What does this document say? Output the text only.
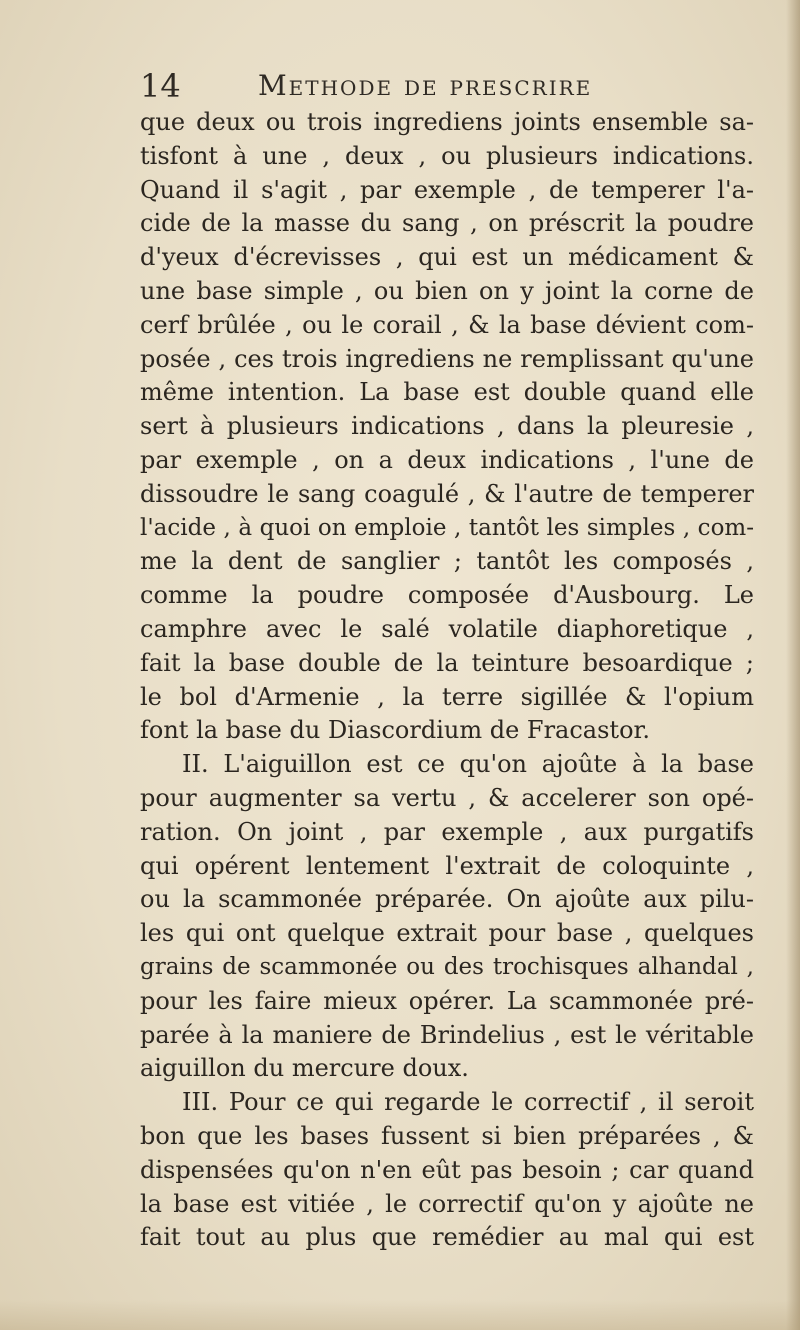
14	Methode de prescrire
que deux ou trois ingrediens joints ensemble sa-
tisfont à une , deux , ou plusieurs indications.
Quand il s'agit , par exemple , de temperer l'a-
cide de la masse du sang , on préscrit la poudre
d'yeux d'écrevisses , qui est un médicament &
une base simple , ou bien on y joint la corne de
cerf brûlée , ou le corail , & la base dévient com-
posée , ces trois ingrediens ne remplissant qu'une
même intention. La base est double quand elle
sert à plusieurs indications , dans la pleuresie ,
par exemple , on a deux indications , l'une de
dissoudre le sang coagulé , & l'autre de temperer
l'acide , à quoi on emploie , tantôt les simples , com-
me la dent de sanglier ; tantôt les composés ,
comme la poudre composée d'Ausbourg. Le
camphre avec le salé volatile diaphoretique ,
fait la base double de la teinture besoardique ;
le bol d'Armenie , la terre sigillée & l'opium
font la base du Diascordium de Fracastor.
II. L'aiguillon est ce qu'on ajoûte à la base
pour augmenter sa vertu , & accelerer son opé-
ration. On joint , par exemple , aux purgatifs
qui opérent lentement l'extrait de coloquinte ,
ou la scammonée préparée. On ajoûte aux pilu-
les qui ont quelque extrait pour base , quelques
grains de scammonée ou des trochisques alhandal ,
pour les faire mieux opérer. La scammonée pré-
parée à la maniere de Brindelius , est le véritable
aiguillon du mercure doux.
III. Pour ce qui regarde le correctif , il seroit
bon que les bases fussent si bien préparées , &
dispensées qu'on n'en eût pas besoin ; car quand
la base est vitiée , le correctif qu'on y ajoûte ne
fait tout au plus que remédier au mal qui est
